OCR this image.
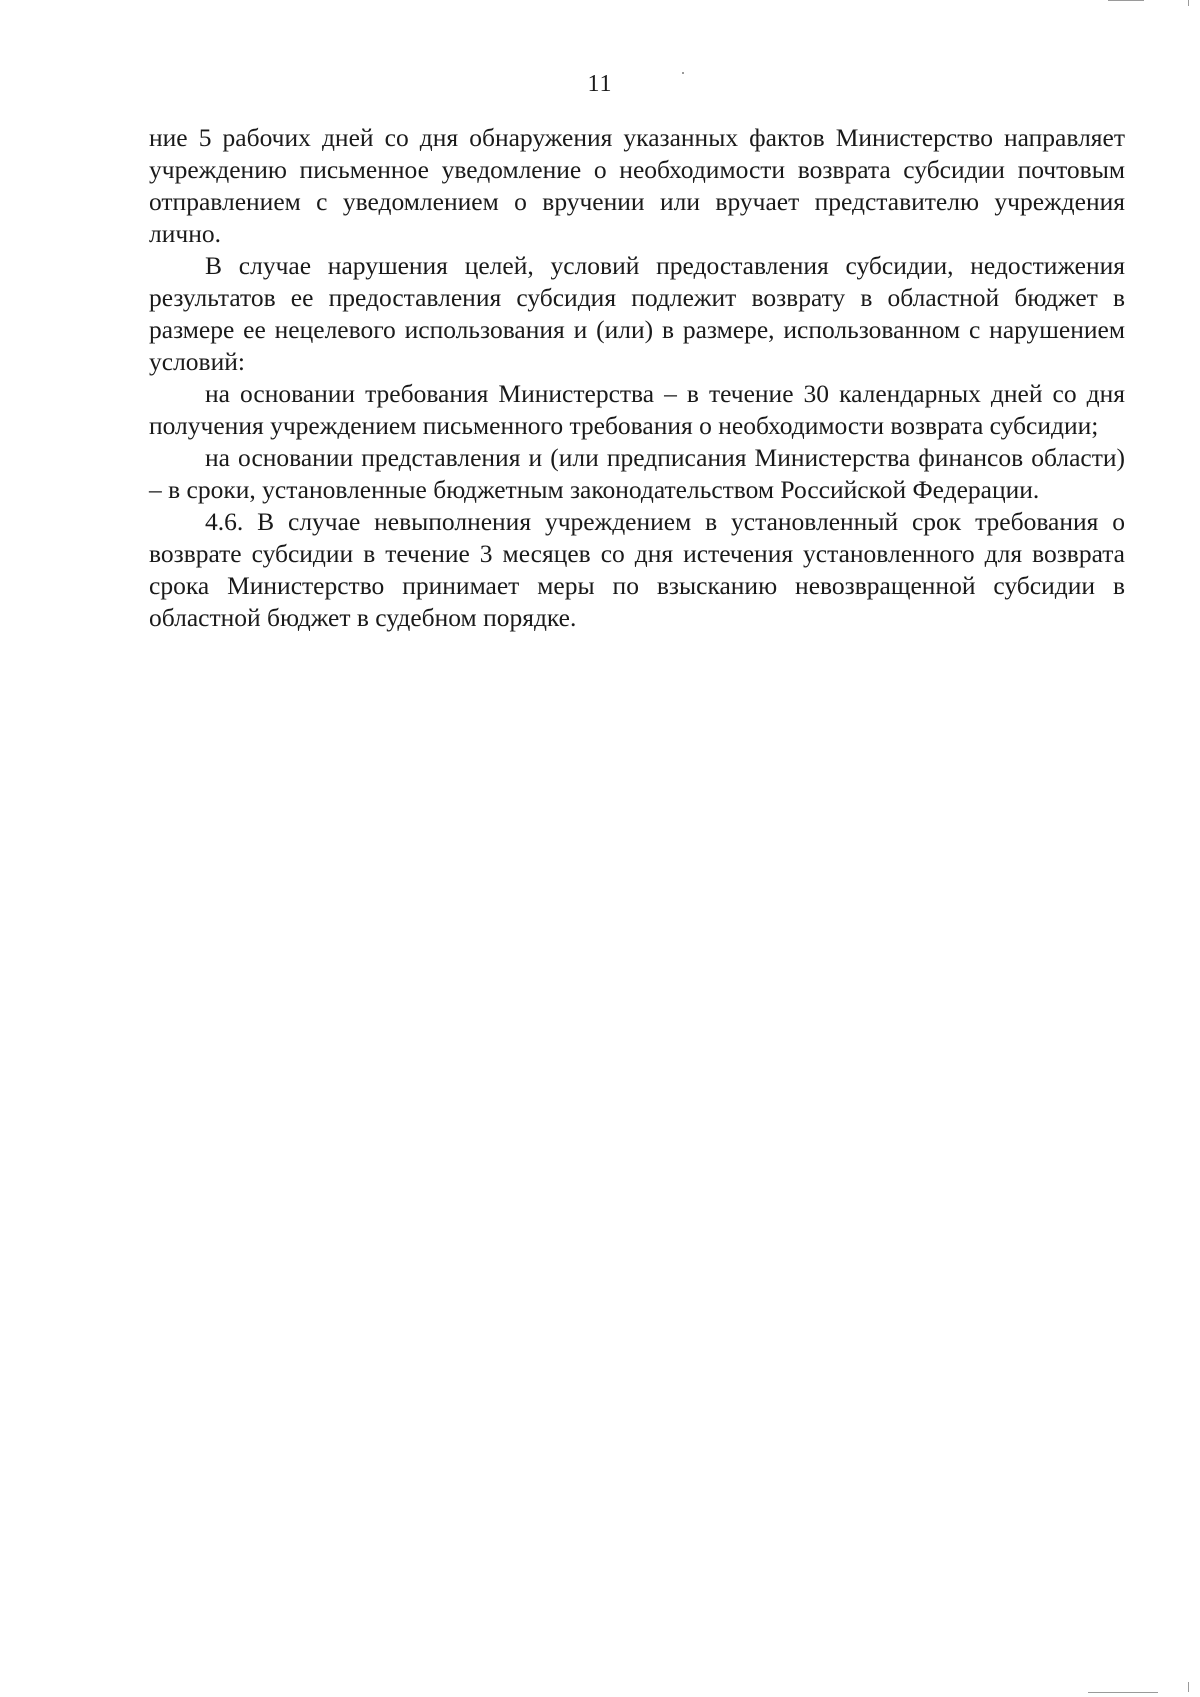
11

ние 5 рабочих дней со дня обнаружения указанных фактов Министерство направляет учреждению письменное уведомление о необходимости возврата субсидии почтовым отправлением с уведомлением о вручении или вручает представителю учреждения лично.

В случае нарушения целей, условий предоставления субсидии, недостижения результатов ее предоставления субсидия подлежит возврату в областной бюджет в размере ее нецелевого использования и (или) в размере, использованном с нарушением условий:

на основании требования Министерства – в течение 30 календарных дней со дня получения учреждением письменного требования о необходимости возврата субсидии;

на основании представления и (или предписания Министерства финансов области) – в сроки, установленные бюджетным законодательством Российской Федерации.

4.6. В случае невыполнения учреждением в установленный срок требования о возврате субсидии в течение 3 месяцев со дня истечения установленного для возврата срока Министерство принимает меры по взысканию невозвращенной субсидии в областной бюджет в судебном порядке.
